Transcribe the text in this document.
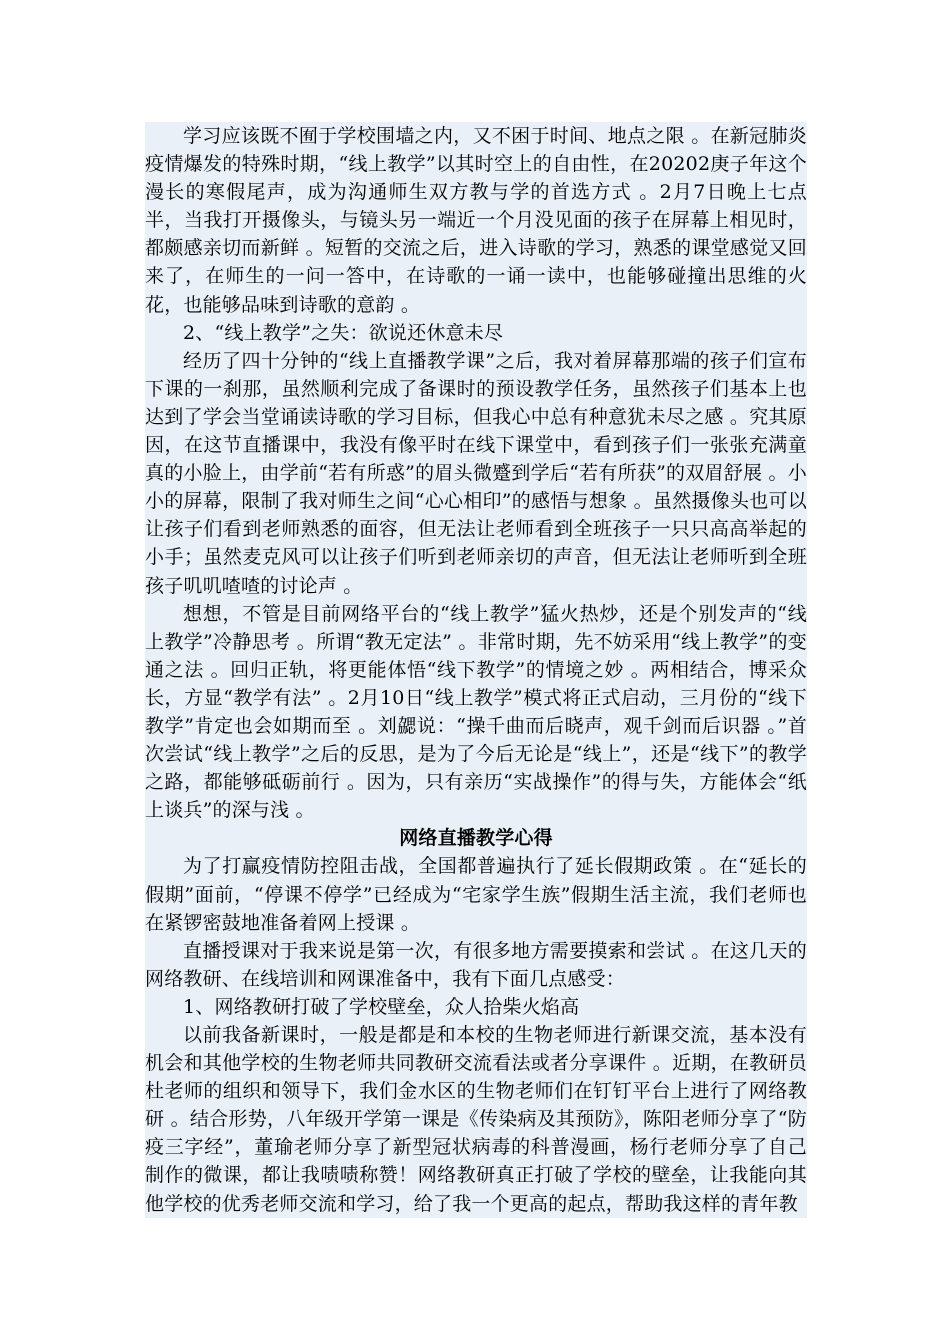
学习应该既不囿于学校围墙之内，又不困于时间、地点之限 。在新冠肺炎疫情爆发的特殊时期，“线上教学”以其时空上的自由性，在20202庚子年这个漫长的寒假尾声，成为沟通师生双方教与学的首选方式 。2月7日晚上七点半，当我打开摄像头，与镜头另一端近一个月没见面的孩子在屏幕上相见时，都颇感亲切而新鲜 。短暂的交流之后，进入诗歌的学习，熟悉的课堂感觉又回来了，在师生的一问一答中，在诗歌的一诵一读中，也能够碰撞出思维的火花，也能够品味到诗歌的意韵 。

2、“线上教学”之失：欲说还休意未尽

经历了四十分钟的“线上直播教学课”之后，我对着屏幕那端的孩子们宣布下课的一刹那，虽然顺利完成了备课时的预设教学任务，虽然孩子们基本上也达到了学会当堂诵读诗歌的学习目标，但我心中总有种意犹未尽之感 。究其原因，在这节直播课中，我没有像平时在线下课堂中，看到孩子们一张张充满童真的小脸上，由学前“若有所惑”的眉头微蹙到学后“若有所获”的双眉舒展 。小小的屏幕，限制了我对师生之间“心心相印”的感悟与想象 。虽然摄像头也可以让孩子们看到老师熟悉的面容，但无法让老师看到全班孩子一只只高高举起的小手；虽然麦克风可以让孩子们听到老师亲切的声音，但无法让老师听到全班孩子叽叽喳喳的讨论声 。

想想，不管是目前网络平台的“线上教学”猛火热炒，还是个别发声的“线上教学”冷静思考 。所谓“教无定法” 。非常时期，先不妨采用“线上教学”的变通之法 。回归正轨，将更能体悟“线下教学”的情境之妙 。两相结合，博采众长，方显“教学有法” 。2月10日“线上教学”模式将正式启动，三月份的“线下教学”肯定也会如期而至 。刘勰说：“操千曲而后晓声，观千剑而后识器 。”首次尝试“线上教学”之后的反思，是为了今后无论是“线上”，还是“线下”的教学之路，都能够砥砺前行 。因为，只有亲历“实战操作”的得与失，方能体会“纸上谈兵”的深与浅 。

网络直播教学心得

为了打赢疫情防控阻击战，全国都普遍执行了延长假期政策 。在“延长的假期”面前，“停课不停学”已经成为“宅家学生族”假期生活主流，我们老师也在紧锣密鼓地准备着网上授课 。

直播授课对于我来说是第一次，有很多地方需要摸索和尝试 。在这几天的网络教研、在线培训和网课准备中，我有下面几点感受：

1、网络教研打破了学校壁垒，众人拾柴火焰高

以前我备新课时，一般是都是和本校的生物老师进行新课交流，基本没有机会和其他学校的生物老师共同教研交流看法或者分享课件 。近期，在教研员杜老师的组织和领导下，我们金水区的生物老师们在钉钉平台上进行了网络教研 。结合形势，八年级开学第一课是《传染病及其预防》，陈阳老师分享了“防疫三字经”，董瑜老师分享了新型冠状病毒的科普漫画，杨行老师分享了自己制作的微课，都让我啧啧称赞！网络教研真正打破了学校的壁垒，让我能向其他学校的优秀老师交流和学习，给了我一个更高的起点，帮助我这样的青年教
